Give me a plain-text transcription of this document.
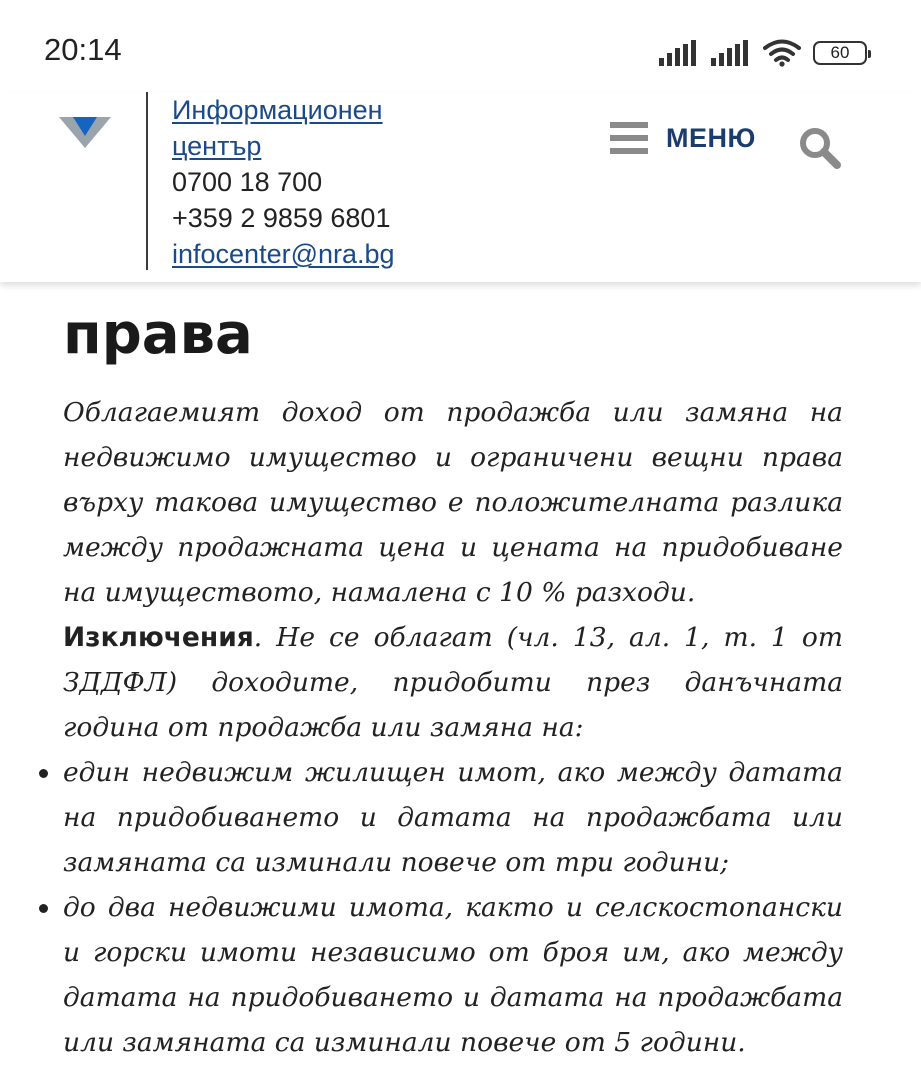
20:14	60
права

Облагаемият доход от продажба или замяна на недвижимо имущество и ограничени вещни права върху такова имущество е положителната разлика между продажната цена и цената на придобиване на имуществото, намалена с 10 % разходи.

Изключения. Не се облагат (чл. 13, ал. 1, т. 1 от ЗДДФЛ) доходите, придобити през данъчната година от продажба или замяна на:

един недвижим жилищен имот, ако между датата на придобиването и датата на продажбата или замяната са изминали повече от три години;
до два недвижими имота, както и селскостопански и горски имоти независимо от броя им, ако между датата на придобиването и датата на продажбата или замяната са изминали повече от 5 години.
Информационен
център
0700 18 700
+359 2 9859 6801
infocenter@nra.bg
МЕНЮ
